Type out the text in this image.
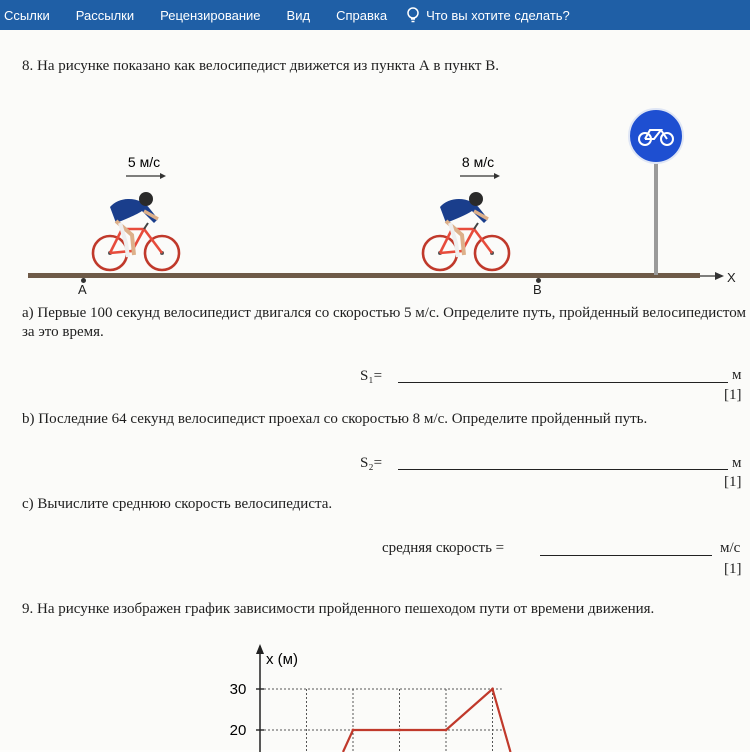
Ссылки	Рассылки	Рецензирование	Вид	Справка	Что вы хотите сделать?
8. На рисунке показано как велосипедист движется из пункта А в пункт В.
5 м/с	8 м/с
A	B
X
а) Первые 100 секунд велосипедист двигался со скоростью 5 м/с. Определите путь, пройденный велосипедистом за это время.
S₁=	м
[1]
b) Последние 64 секунд велосипедист проехал со скоростью 8 м/с. Определите пройденный путь.
S₂=	м
[1]
c) Вычислите среднюю скорость велосипедиста.
средняя скорость =	м/с
[1]
9. На рисунке изображен график зависимости пройденного пешеходом пути от времени движения.
x (м)
30
20
